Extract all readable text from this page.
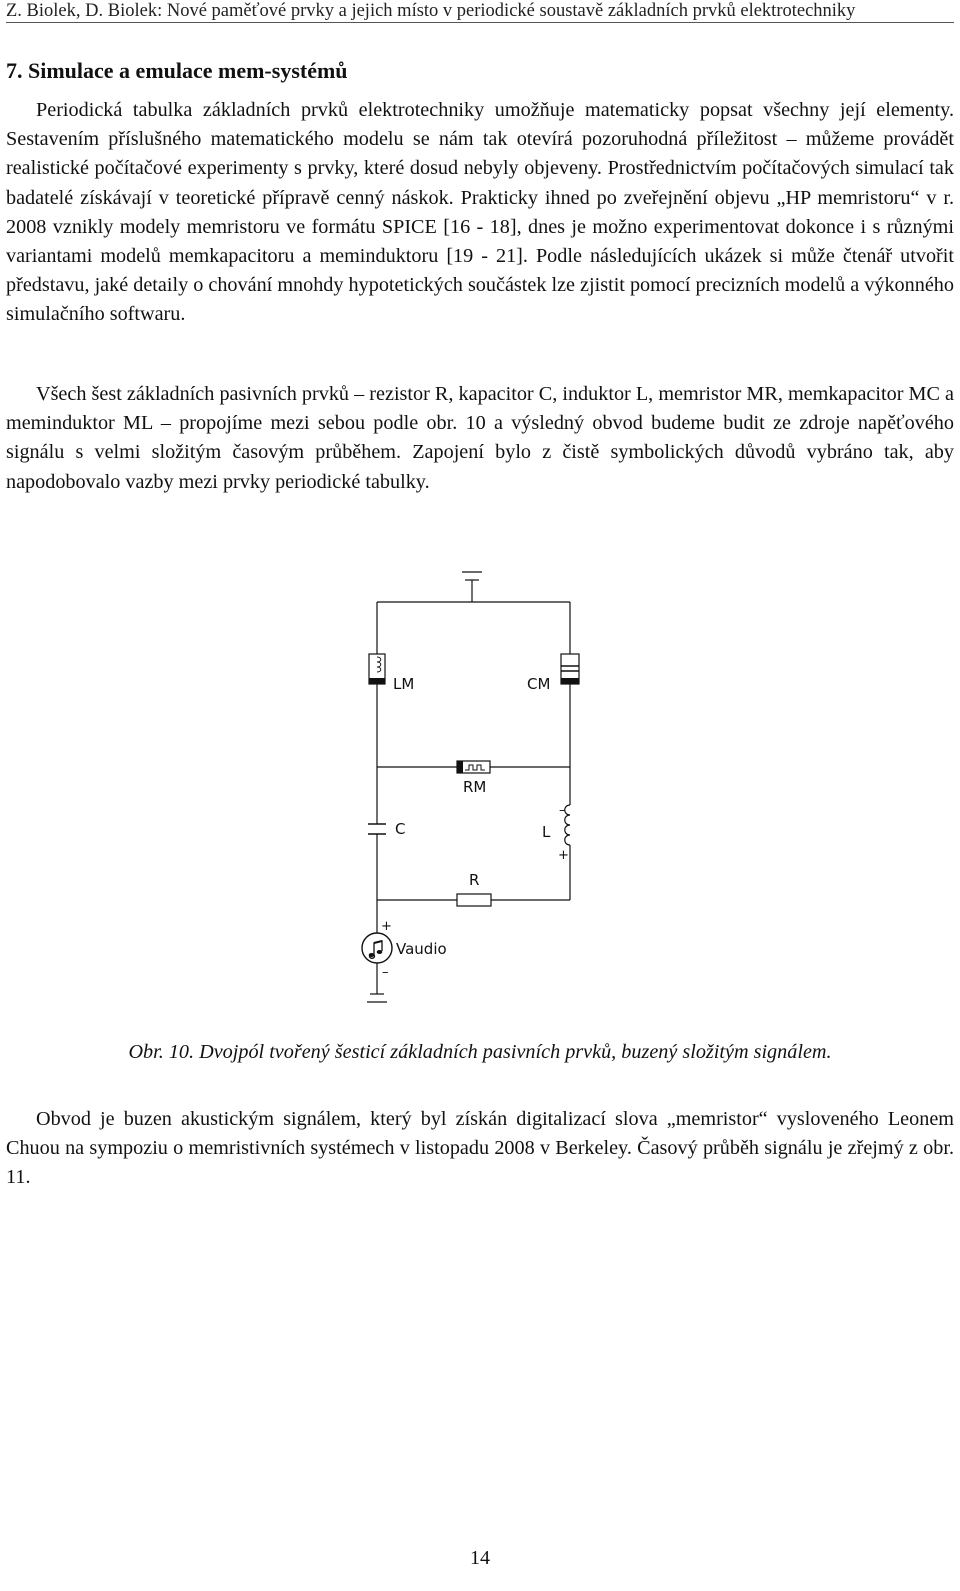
Z. Biolek, D. Biolek: Nové paměťové prvky a jejich místo v periodické soustavě základních prvků elektrotechniky
7. Simulace a emulace mem-systémů

Periodická tabulka základních prvků elektrotechniky umožňuje matematicky popsat všechny její elementy. Sestavením příslušného matematického modelu se nám tak otevírá pozoruhodná příležitost – můžeme provádět realistické počítačové experimenty s prvky, které dosud nebyly objeveny. Prostřednictvím počítačových simulací tak badatelé získávají v teoretické přípravě cenný náskok. Prakticky ihned po zveřejnění objevu „HP memristoru“ v r. 2008 vznikly modely memristoru ve formátu SPICE [16 - 18], dnes je možno experimentovat dokonce i s různými variantami modelů memkapacitoru a meminduktoru [19 - 21]. Podle následujících ukázek si může čtenář utvořit představu, jaké detaily o chování mnohdy hypotetických součástek lze zjistit pomocí precizních modelů a výkonného simulačního softwaru.

Všech šest základních pasivních prvků – rezistor R, kapacitor C, induktor L, memristor MR, memkapacitor MC a meminduktor ML – propojíme mezi sebou podle obr. 10 a výsledný obvod budeme budit ze zdroje napěťového signálu s velmi složitým časovým průběhem. Zapojení bylo z čistě symbolických důvodů vybráno tak, aby napodobovalo vazby mezi prvky periodické tabulky.

LM	CM
RM
C
–
+
L
R
+
–
Vaudio
Obr. 10. Dvojpól tvořený šesticí základních pasivních prvků, buzený složitým signálem.

Obvod je buzen akustickým signálem, který byl získán digitalizací slova „memristor“ vysloveného Leonem Chuou na sympoziu o memristivních systémech v listopadu 2008 v Berkeley. Časový průběh signálu je zřejmý z obr. 11.

14
